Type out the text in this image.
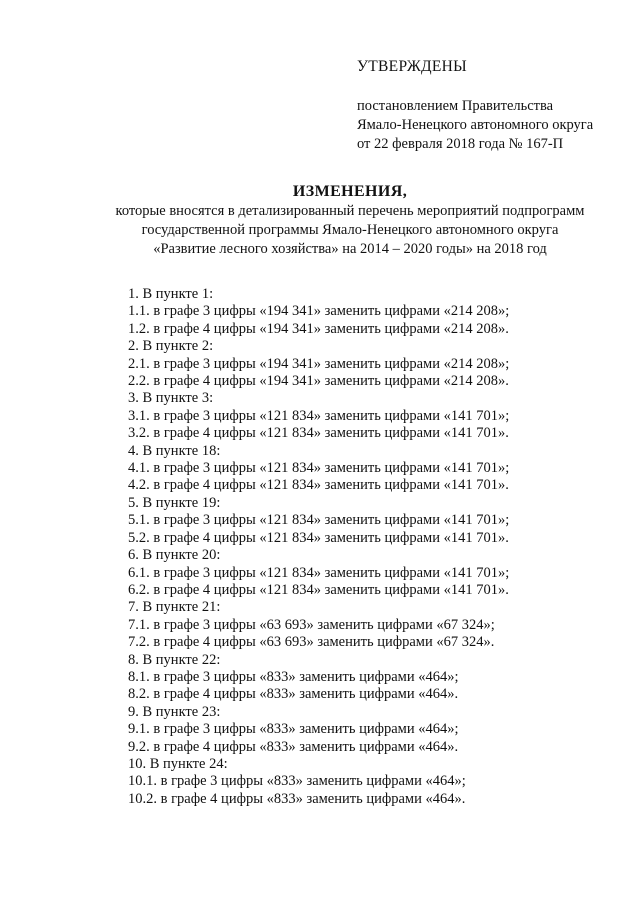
УТВЕРЖДЕНЫ
постановлением Правительства
Ямало-Ненецкого автономного округа
от 22 февраля 2018 года № 167-П
ИЗМЕНЕНИЯ,
которые вносятся в детализированный перечень мероприятий подпрограмм
государственной программы Ямало-Ненецкого автономного округа
«Развитие лесного хозяйства» на 2014 – 2020 годы» на 2018 год
1. В пункте 1:
1.1. в графе 3 цифры «194 341» заменить цифрами «214 208»;
1.2. в графе 4 цифры «194 341» заменить цифрами «214 208».
2. В пункте 2:
2.1. в графе 3 цифры «194 341» заменить цифрами «214 208»;
2.2. в графе 4 цифры «194 341» заменить цифрами «214 208».
3. В пункте 3:
3.1. в графе 3 цифры «121 834» заменить цифрами «141 701»;
3.2. в графе 4 цифры «121 834» заменить цифрами «141 701».
4. В пункте 18:
4.1. в графе 3 цифры «121 834» заменить цифрами «141 701»;
4.2. в графе 4 цифры «121 834» заменить цифрами «141 701».
5. В пункте 19:
5.1. в графе 3 цифры «121 834» заменить цифрами «141 701»;
5.2. в графе 4 цифры «121 834» заменить цифрами «141 701».
6. В пункте 20:
6.1. в графе 3 цифры «121 834» заменить цифрами «141 701»;
6.2. в графе 4 цифры «121 834» заменить цифрами «141 701».
7. В пункте 21:
7.1. в графе 3 цифры «63 693» заменить цифрами «67 324»;
7.2. в графе 4 цифры «63 693» заменить цифрами «67 324».
8. В пункте 22:
8.1. в графе 3 цифры «833» заменить цифрами «464»;
8.2. в графе 4 цифры «833» заменить цифрами «464».
9. В пункте 23:
9.1. в графе 3 цифры «833» заменить цифрами «464»;
9.2. в графе 4 цифры «833» заменить цифрами «464».
10. В пункте 24:
10.1. в графе 3 цифры «833» заменить цифрами «464»;
10.2. в графе 4 цифры «833» заменить цифрами «464».
